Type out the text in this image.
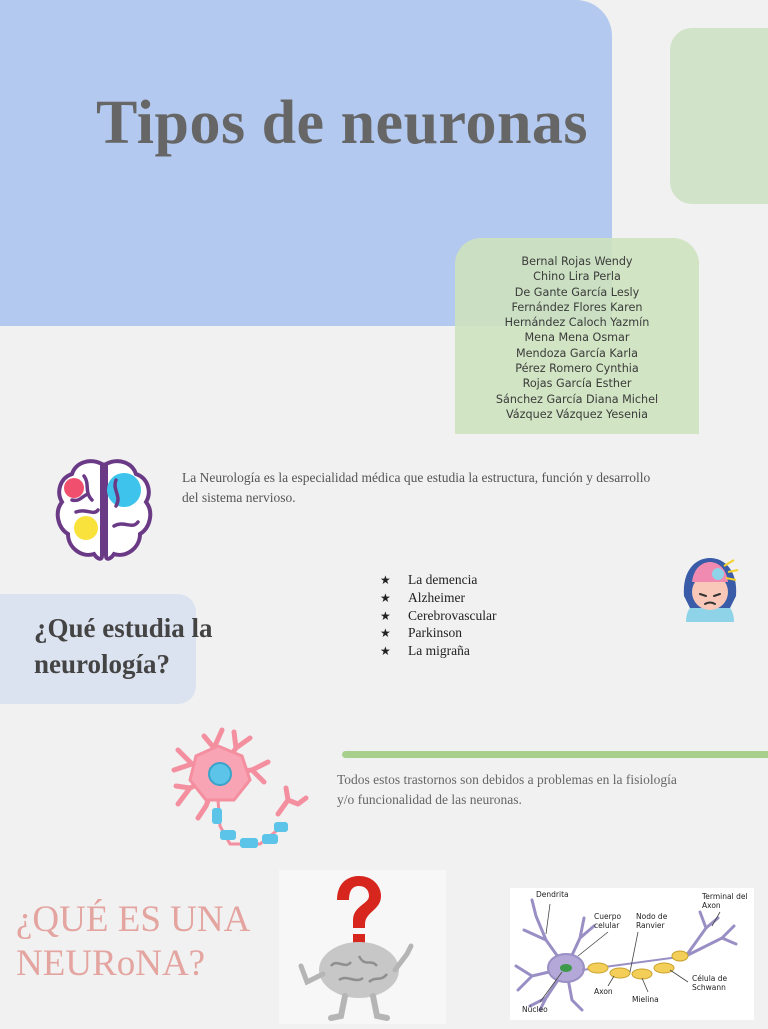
Tipos de neuronas
Bernal Rojas Wendy
Chino Lira Perla
De Gante García Lesly
Fernández Flores Karen
Hernández Caloch Yazmín
Mena Mena Osmar
Mendoza García Karla
Pérez Romero Cynthia
Rojas García Esther
Sánchez García Diana Michel
Vázquez Vázquez Yesenia

La Neurología es la especialidad médica que estudia la estructura, función y desarrollo del sistema nervioso.

¿Qué estudia la
neurología?
★ La demencia
★ Alzheimer
★ Cerebrovascular
★ Parkinson
★ La migraña

Todos estos trastornos son debidos a problemas en la fisiología y/o funcionalidad de las neuronas.

¿QUÉ ES UNA
NEURoNA?
Dendrita
Cuerpo celular
Nodo de Ranvier
Terminal del Axon
Axon
Núcleo
Mielina
Célula de Schwann
